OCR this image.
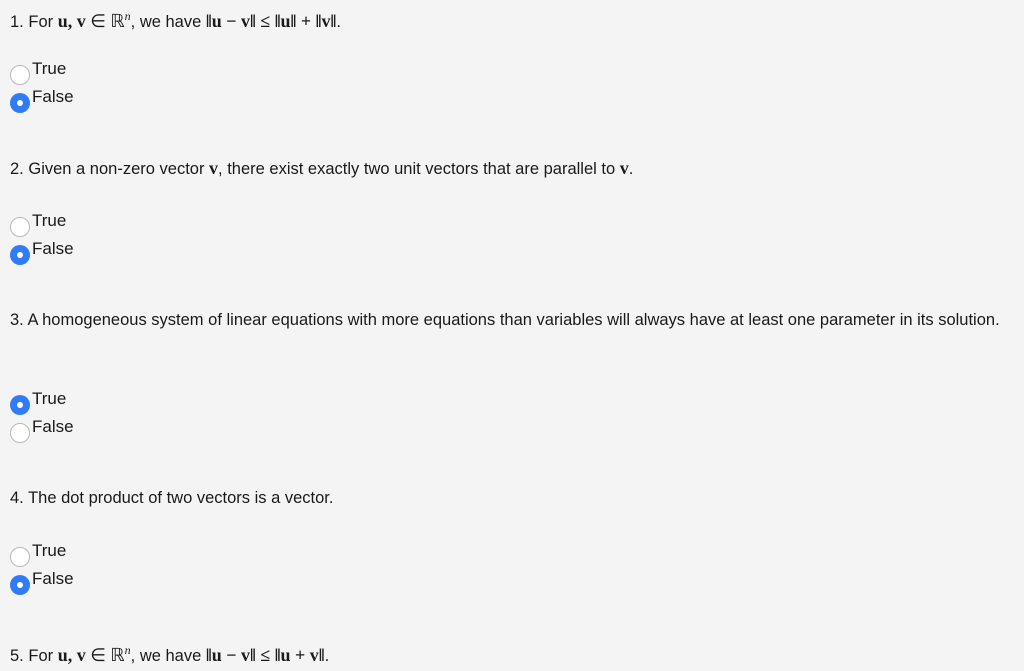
1. For u, v ∈ ℝ$^n$, we have ‖u − v‖ ≤ ‖u‖ + ‖v‖.

True
False

2. Given a non-zero vector v, there exist exactly two unit vectors that are parallel to v.

True
False

3. A homogeneous system of linear equations with more equations than variables will always have at least one parameter in its solution.

True
False

4. The dot product of two vectors is a vector.

True
False

5. For u, v ∈ ℝ$^n$, we have ‖u − v‖ ≤ ‖u + v‖.
